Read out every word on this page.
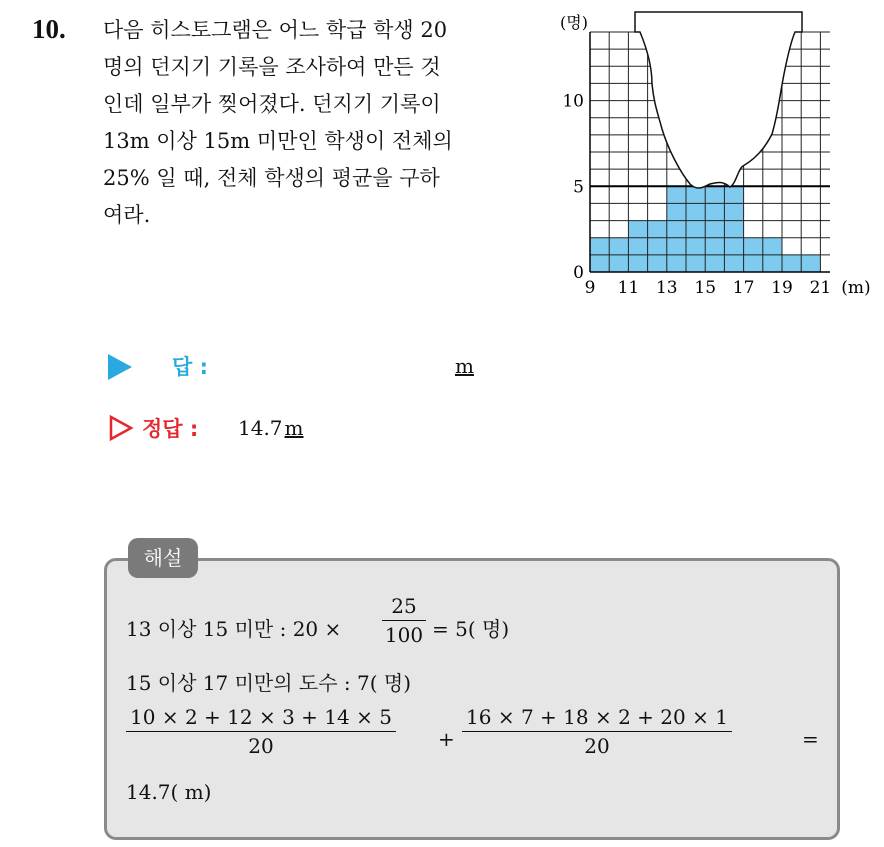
10. 다음 히스토그램은 어느 학급 학생 20
명의 던지기 기록을 조사하여 만든 것
인데 일부가 찢어졌다. 던지기 기록이
13m 이상 15m 미만인 학생이 전체의
25% 일 때, 전체 학생의 평균을 구하
여라.
9 11 13 15 17 19 21
0
5
10
(명)
(m)
답 :	m
정답 : 14.7 m
해설
13 이상 15 미만 : 20 ×
25
100 = 5( 명)
15 이상 17 미만의 도수 : 7( 명)
10 × 2 + 12 × 3 + 14 × 5
20	+
16 × 7 + 18 × 2 + 20 × 1
20	=
14.7( m)
